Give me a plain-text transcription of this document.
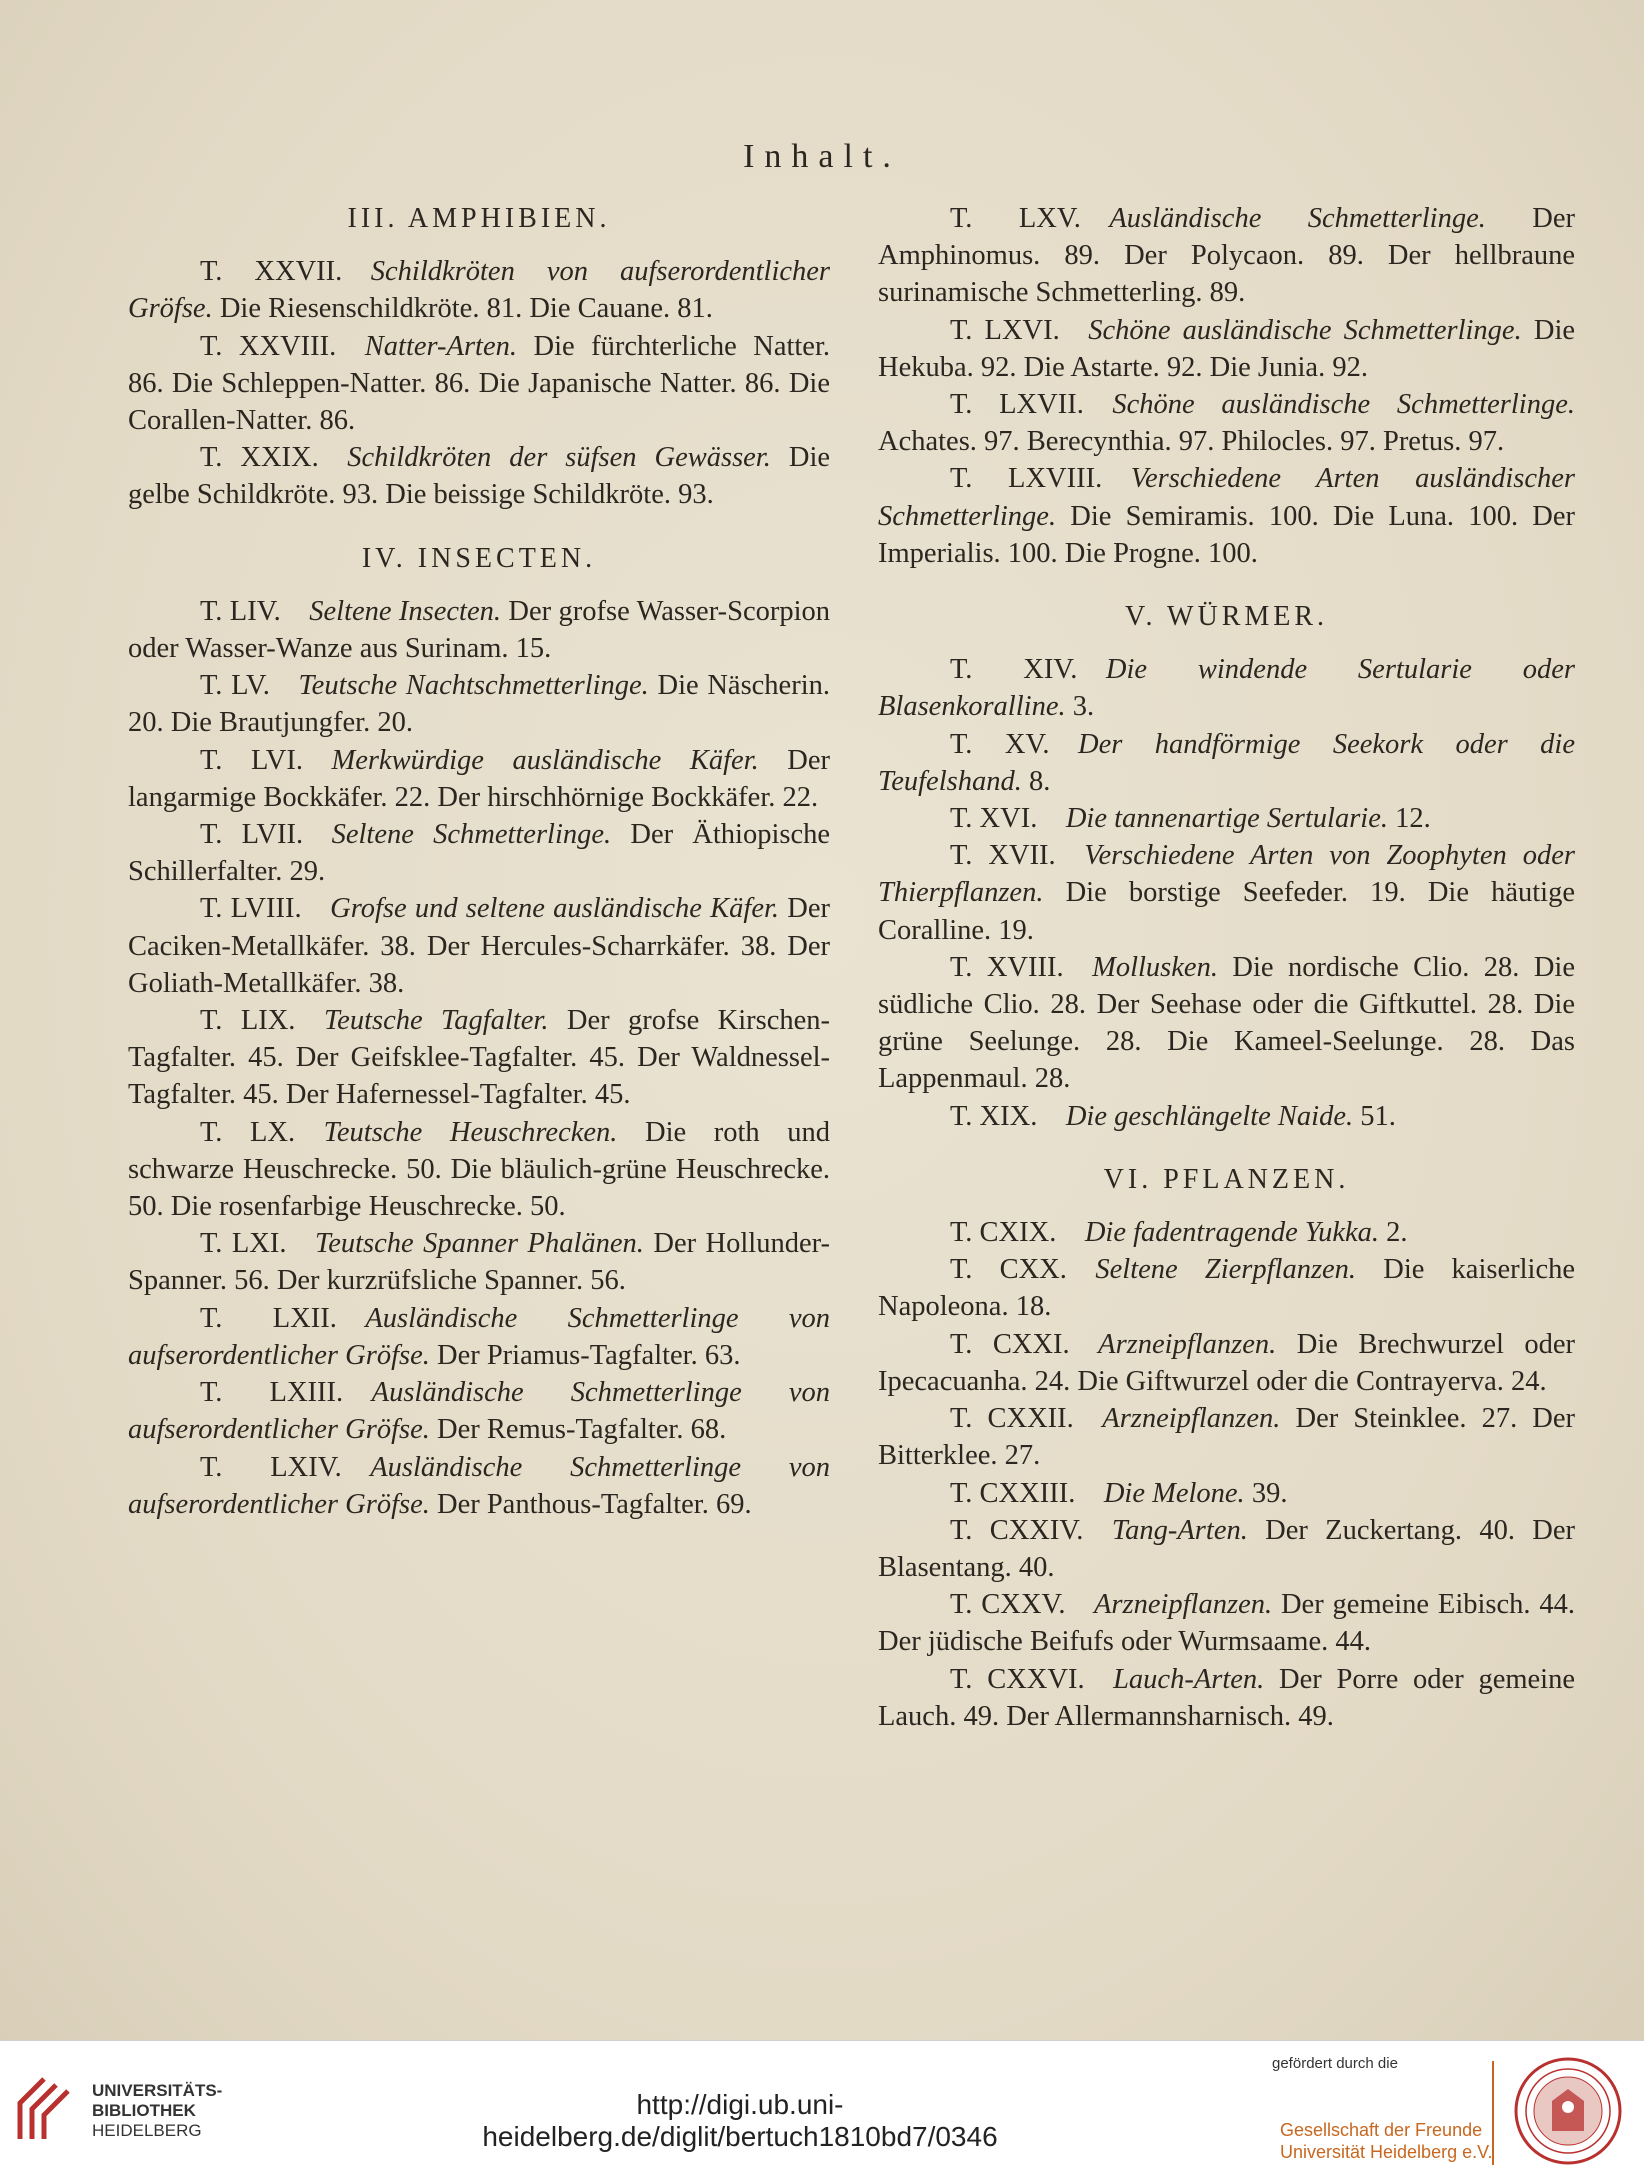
Inhalt.
III. AMPHIBIEN.

T. XXVII.  Schildkröten von aufserordentlicher Gröfse. Die Riesenschildkröte. 81. Die Cauane. 81.

T. XXVIII.  Natter-Arten. Die fürchterliche Natter. 86. Die Schleppen-Natter. 86. Die Japanische Natter. 86. Die Corallen-Natter. 86.

T. XXIX.  Schildkröten der süfsen Gewässer. Die gelbe Schildkröte. 93. Die beissige Schildkröte. 93.

IV. INSECTEN.

T. LIV.  Seltene Insecten. Der grofse Wasser-Scorpion oder Wasser-Wanze aus Surinam. 15.

T. LV.  Teutsche Nachtschmetterlinge. Die Näscherin. 20. Die Brautjungfer. 20.

T. LVI.  Merkwürdige ausländische Käfer. Der langarmige Bockkäfer. 22. Der hirschhörnige Bockkäfer. 22.

T. LVII.  Seltene Schmetterlinge. Der Äthiopische Schillerfalter. 29.

T. LVIII.  Grofse und seltene ausländische Käfer. Der Caciken-Metallkäfer. 38. Der Hercules-Scharrkäfer. 38. Der Goliath-Metallkäfer. 38.

T. LIX.  Teutsche Tagfalter. Der grofse Kirschen-Tagfalter. 45. Der Geifsklee-Tagfalter. 45. Der Waldnessel-Tagfalter. 45. Der Hafernessel-Tagfalter. 45.

T. LX.  Teutsche Heuschrecken. Die roth und schwarze Heuschrecke. 50. Die bläulich-grüne Heuschrecke. 50. Die rosenfarbige Heuschrecke. 50.

T. LXI.  Teutsche Spanner Phalänen. Der Hollunder-Spanner. 56. Der kurzrüfsliche Spanner. 56.

T. LXII.  Ausländische Schmetterlinge von aufserordentlicher Gröfse. Der Priamus-Tagfalter. 63.

T. LXIII.  Ausländische Schmetterlinge von aufserordentlicher Gröfse. Der Remus-Tagfalter. 68.

T. LXIV.  Ausländische Schmetterlinge von aufserordentlicher Gröfse. Der Panthous-Tagfalter. 69.

T. LXV.  Ausländische Schmetterlinge. Der Amphinomus. 89. Der Polycaon. 89. Der hellbraune surinamische Schmetterling. 89.

T. LXVI.  Schöne ausländische Schmetterlinge. Die Hekuba. 92. Die Astarte. 92. Die Junia. 92.

T. LXVII.  Schöne ausländische Schmetterlinge. Achates. 97. Berecynthia. 97. Philocles. 97. Pretus. 97.

T. LXVIII.  Verschiedene Arten ausländischer Schmetterlinge. Die Semiramis. 100. Die Luna. 100. Der Imperialis. 100. Die Progne. 100.

V. WÜRMER.

T. XIV.  Die windende Sertularie oder Blasenkoralline. 3.

T. XV.  Der handförmige Seekork oder die Teufelshand. 8.

T. XVI.  Die tannenartige Sertularie. 12.

T. XVII.  Verschiedene Arten von Zoophyten oder Thierpflanzen. Die borstige Seefeder. 19. Die häutige Coralline. 19.

T. XVIII.  Mollusken. Die nordische Clio. 28. Die südliche Clio. 28. Der Seehase oder die Giftkuttel. 28. Die grüne Seelunge. 28. Die Kameel-Seelunge. 28. Das Lappenmaul. 28.

T. XIX.  Die geschlängelte Naide. 51.

VI. PFLANZEN.

T. CXIX.  Die fadentragende Yukka. 2.

T. CXX.  Seltene Zierpflanzen. Die kaiserliche Napoleona. 18.

T. CXXI.  Arzneipflanzen. Die Brechwurzel oder Ipecacuanha. 24. Die Giftwurzel oder die Contrayerva. 24.

T. CXXII.  Arzneipflanzen. Der Steinklee. 27. Der Bitterklee. 27.

T. CXXIII.  Die Melone. 39.

T. CXXIV.  Tang-Arten. Der Zuckertang. 40. Der Blasentang. 40.

T. CXXV.  Arzneipflanzen. Der gemeine Eibisch. 44. Der jüdische Beifufs oder Wurmsaame. 44.

T. CXXVI.  Lauch-Arten. Der Porre oder gemeine Lauch. 49. Der Allermannsharnisch. 49.

UNIVERSITÄTS-
BIBLIOTHEK
HEIDELBERG
http://digi.ub.uni-heidelberg.de/diglit/bertuch1810bd7/0346
gefördert durch die
Gesellschaft der Freunde
Universität Heidelberg e.V.
